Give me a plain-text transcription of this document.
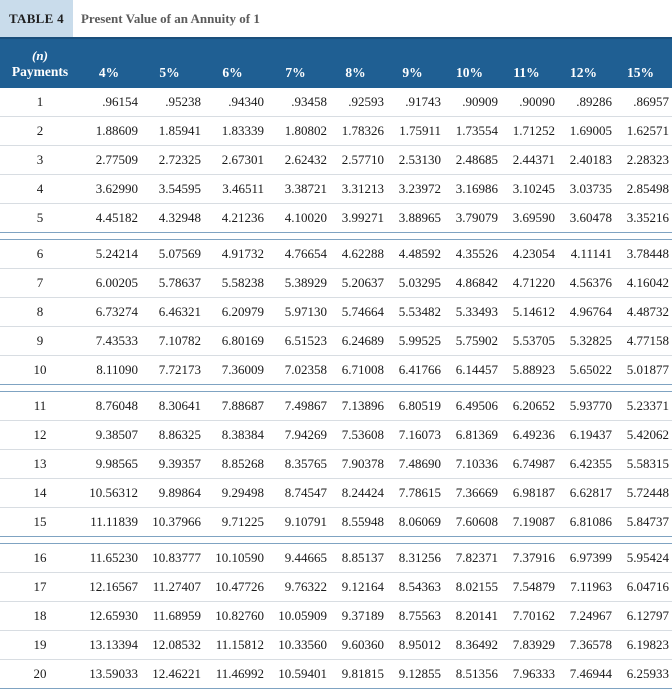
TABLE 4	Present Value of an Annuity of 1
(n)
Payments	4%	5%	6%	7%	8%	9%	10%	11%	12%	15%
1	.96154	.95238	.94340	.93458	.92593	.91743	.90909	.90090	.89286	.86957
2	1.88609	1.85941	1.83339	1.80802	1.78326	1.75911	1.73554	1.71252	1.69005	1.62571
3	2.77509	2.72325	2.67301	2.62432	2.57710	2.53130	2.48685	2.44371	2.40183	2.28323
4	3.62990	3.54595	3.46511	3.38721	3.31213	3.23972	3.16986	3.10245	3.03735	2.85498
5	4.45182	4.32948	4.21236	4.10020	3.99271	3.88965	3.79079	3.69590	3.60478	3.35216
6	5.24214	5.07569	4.91732	4.76654	4.62288	4.48592	4.35526	4.23054	4.11141	3.78448
7	6.00205	5.78637	5.58238	5.38929	5.20637	5.03295	4.86842	4.71220	4.56376	4.16042
8	6.73274	6.46321	6.20979	5.97130	5.74664	5.53482	5.33493	5.14612	4.96764	4.48732
9	7.43533	7.10782	6.80169	6.51523	6.24689	5.99525	5.75902	5.53705	5.32825	4.77158
10	8.11090	7.72173	7.36009	7.02358	6.71008	6.41766	6.14457	5.88923	5.65022	5.01877
11	8.76048	8.30641	7.88687	7.49867	7.13896	6.80519	6.49506	6.20652	5.93770	5.23371
12	9.38507	8.86325	8.38384	7.94269	7.53608	7.16073	6.81369	6.49236	6.19437	5.42062
13	9.98565	9.39357	8.85268	8.35765	7.90378	7.48690	7.10336	6.74987	6.42355	5.58315
14	10.56312	9.89864	9.29498	8.74547	8.24424	7.78615	7.36669	6.98187	6.62817	5.72448
15	11.11839	10.37966	9.71225	9.10791	8.55948	8.06069	7.60608	7.19087	6.81086	5.84737
16	11.65230	10.83777	10.10590	9.44665	8.85137	8.31256	7.82371	7.37916	6.97399	5.95424
17	12.16567	11.27407	10.47726	9.76322	9.12164	8.54363	8.02155	7.54879	7.11963	6.04716
18	12.65930	11.68959	10.82760	10.05909	9.37189	8.75563	8.20141	7.70162	7.24967	6.12797
19	13.13394	12.08532	11.15812	10.33560	9.60360	8.95012	8.36492	7.83929	7.36578	6.19823
20	13.59033	12.46221	11.46992	10.59401	9.81815	9.12855	8.51356	7.96333	7.46944	6.25933
